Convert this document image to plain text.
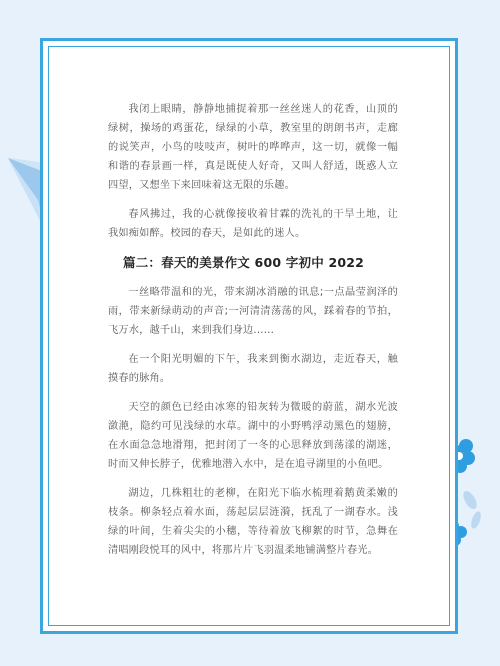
我闭上眼睛，静静地捕捉着那一丝丝迷人的花香，山顶的绿树，操场的鸡蛋花，绿绿的小草，教室里的朗朗书声，走廊的说笑声，小鸟的吱吱声，树叶的哗哗声，这一切，就像一幅和谐的春景画一样，真是既使人好奇，又叫人舒适，既惑人立四望，又想坐下来回味着这无限的乐趣。

春风拂过，我的心就像接收着甘霖的洗礼的干旱土地，让我如痴如醉。校园的春天，是如此的迷人。

篇二：春天的美景作文 600 字初中 2022

一丝略带温和的光，带来湖冰消融的讯息;一点晶莹润泽的雨，带来新绿萌动的声音;一河清清荡荡的风，踩着春的节拍，飞万水，越千山，来到我们身边......

在一个阳光明媚的下午，我来到衡水湖边，走近春天，触摸春的脉角。

天空的颜色已经由冰寒的铅灰转为微暖的蔚蓝，湖水光波潋滟，隐约可见浅绿的水草。湖中的小野鸭浮动黑色的翅膀，在水面急急地滑翔，把封闭了一冬的心思释放到荡漾的湖迷，时而又伸长脖子，优雅地潜入水中，是在追寻湖里的小鱼吧。

湖边，几株粗壮的老柳，在阳光下临水梳理着鹅黄柔嫩的枝条。柳条轻点着水面，荡起层层涟漪，抚乱了一湖春水。浅绿的叶间，生着尖尖的小穗，等待着放飞柳絮的时节，急舞在清唱刚段悦耳的风中，将那片片飞羽温柔地铺满整片春光。
